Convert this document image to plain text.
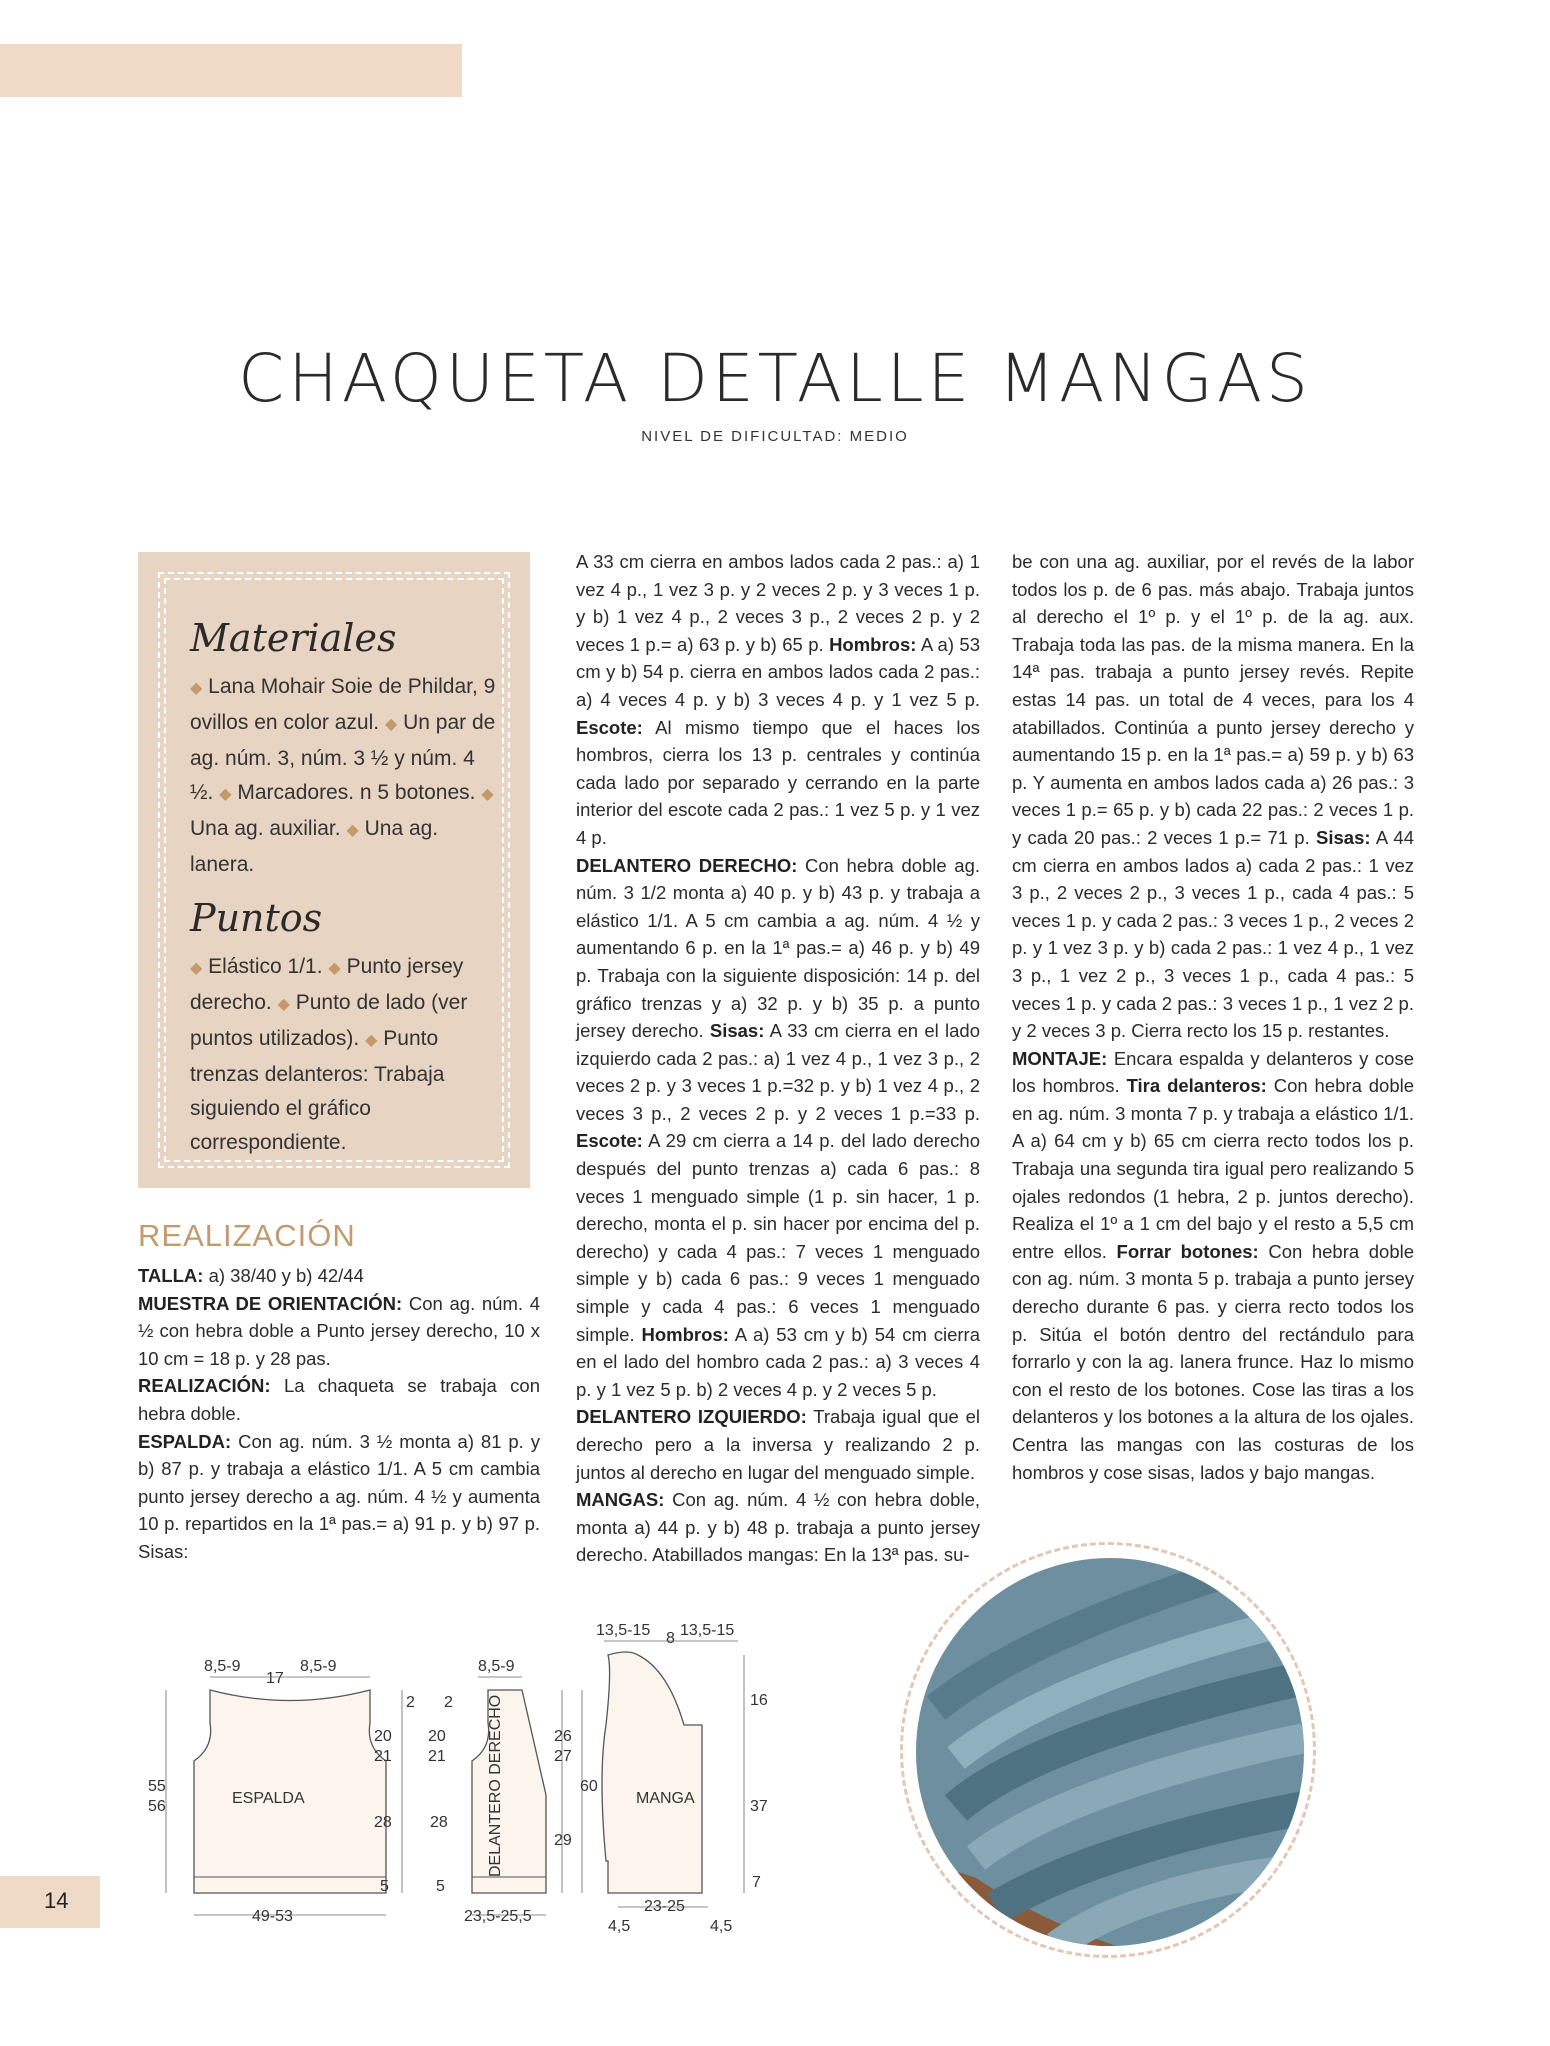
CHAQUETA DETALLE MANGAS
NIVEL DE DIFICULTAD: MEDIO
Materiales

◆ Lana Mohair Soie de Phildar, 9 ovillos en color azul. ◆ Un par de ag. núm. 3, núm. 3 ½ y núm. 4 ½. ◆ Marcadores. n 5 botones. ◆ Una ag. auxiliar. ◆ Una ag. lanera.

Puntos

◆ Elástico 1/1. ◆ Punto jersey derecho. ◆ Punto de lado (ver puntos utilizados). ◆ Punto trenzas delanteros: Trabaja siguiendo el gráfico correspondiente.

REALIZACIÓN

TALLA: a) 38/40 y b) 42/44

MUESTRA DE ORIENTACIÓN: Con ag. núm. 4 ½ con hebra doble a Punto jersey derecho, 10 x 10 cm = 18 p. y 28 pas.

REALIZACIÓN: La chaqueta se trabaja con hebra doble.

ESPALDA: Con ag. núm. 3 ½ monta a) 81 p. y b) 87 p. y trabaja a elástico 1/1. A 5 cm cambia punto jersey derecho a ag. núm. 4 ½ y aumenta 10 p. repartidos en la 1ª pas.= a) 91 p. y b) 97 p. Sisas:

A 33 cm cierra en ambos lados cada 2 pas.: a) 1 vez 4 p., 1 vez 3 p. y 2 veces 2 p. y 3 veces 1 p. y b) 1 vez 4 p., 2 veces 3 p., 2 veces 2 p. y 2 veces 1 p.= a) 63 p. y b) 65 p. Hombros: A a) 53 cm y b) 54 p. cierra en ambos lados cada 2 pas.: a) 4 veces 4 p. y b) 3 veces 4 p. y 1 vez 5 p. Escote: Al mismo tiempo que el haces los hombros, cierra los 13 p. centrales y continúa cada lado por separado y cerrando en la parte interior del escote cada 2 pas.: 1 vez 5 p. y 1 vez 4 p.

DELANTERO DERECHO: Con hebra doble ag. núm. 3 1/2 monta a) 40 p. y b) 43 p. y trabaja a elástico 1/1. A 5 cm cambia a ag. núm. 4 ½ y aumentando 6 p. en la 1ª pas.= a) 46 p. y b) 49 p. Trabaja con la siguiente disposición: 14 p. del gráfico trenzas y a) 32 p. y b) 35 p. a punto jersey derecho. Sisas: A 33 cm cierra en el lado izquierdo cada 2 pas.: a) 1 vez 4 p., 1 vez 3 p., 2 veces 2 p. y 3 veces 1 p.=32 p. y b) 1 vez 4 p., 2 veces 3 p., 2 veces 2 p. y 2 veces 1 p.=33 p. Escote: A 29 cm cierra a 14 p. del lado derecho después del punto trenzas a) cada 6 pas.: 8 veces 1 menguado simple (1 p. sin hacer, 1 p. derecho, monta el p. sin hacer por encima del p. derecho) y cada 4 pas.: 7 veces 1 menguado simple y b) cada 6 pas.: 9 veces 1 menguado simple y cada 4 pas.: 6 veces 1 menguado simple. Hombros: A a) 53 cm y b) 54 cm cierra en el lado del hombro cada 2 pas.: a) 3 veces 4 p. y 1 vez 5 p. b) 2 veces 4 p. y 2 veces 5 p.

DELANTERO IZQUIERDO: Trabaja igual que el derecho pero a la inversa y realizando 2 p. juntos al derecho en lugar del menguado simple.

MANGAS: Con ag. núm. 4 ½ con hebra doble, monta a) 44 p. y b) 48 p. trabaja a punto jersey derecho. Atabillados mangas: En la 13ª pas. su-

be con una ag. auxiliar, por el revés de la labor todos los p. de 6 pas. más abajo. Trabaja juntos al derecho el 1º p. y el 1º p. de la ag. aux. Trabaja toda las pas. de la misma manera. En la 14ª pas. trabaja a punto jersey revés. Repite estas 14 pas. un total de 4 veces, para los 4 atabillados. Continúa a punto jersey derecho y aumentando 15 p. en la 1ª pas.= a) 59 p. y b) 63 p. Y aumenta en ambos lados cada a) 26 pas.: 3 veces 1 p.= 65 p. y b) cada 22 pas.: 2 veces 1 p. y cada 20 pas.: 2 veces 1 p.= 71 p. Sisas: A 44 cm cierra en ambos lados a) cada 2 pas.: 1 vez 3 p., 2 veces 2 p., 3 veces 1 p., cada 4 pas.: 5 veces 1 p. y cada 2 pas.: 3 veces 1 p., 2 veces 2 p. y 1 vez 3 p. y b) cada 2 pas.: 1 vez 4 p., 1 vez 3 p., 1 vez 2 p., 3 veces 1 p., cada 4 pas.: 5 veces 1 p. y cada 2 pas.: 3 veces 1 p., 1 vez 2 p. y 2 veces 3 p. Cierra recto los 15 p. restantes.

MONTAJE: Encara espalda y delanteros y cose los hombros. Tira delanteros: Con hebra doble en ag. núm. 3 monta 7 p. y trabaja a elástico 1/1. A a) 64 cm y b) 65 cm cierra recto todos los p. Trabaja una segunda tira igual pero realizando 5 ojales redondos (1 hebra, 2 p. juntos derecho). Realiza el 1º a 1 cm del bajo y el resto a 5,5 cm entre ellos. Forrar botones: Con hebra doble con ag. núm. 3 monta 5 p. trabaja a punto jersey derecho durante 6 pas. y cierra recto todos los p. Sitúa el botón dentro del rectándulo para forrarlo y con la ag. lanera frunce. Haz lo mismo con el resto de los botones. Cose las tiras a los delanteros y los botones a la altura de los ojales. Centra las mangas con las costuras de los hombros y cose sisas, lados y bajo mangas.

ESPALDA
8,5-9
17
8,5-9
55
56
2
20
21
28
5
49-53
DELANTERO DERECHO
8,5-9
2
20
21
28
5
26
27
29
60
23,5-25,5
MANGA
13,5-15 8 13,5-15
16
37
7
23-25
4,5	4,5
14
